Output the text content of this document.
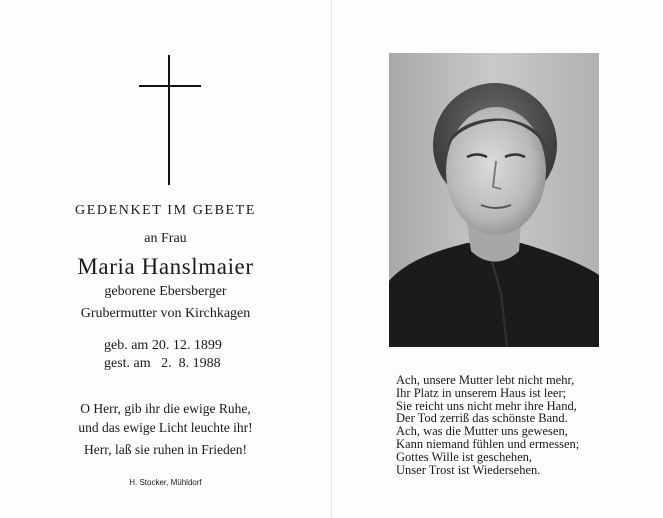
GEDENKET IM GEBETE
an Frau
Maria Hanslmaier
geborene Ebersberger
Grubermutter von Kirchkagen
geb. am 20. 12. 1899
gest. am   2.  8. 1988
O Herr, gib ihr die ewige Ruhe,
und das ewige Licht leuchte ihr!
Herr, laß sie ruhen in Frieden!
H. Stocker, Mühldorf
Ach, unsere Mutter lebt nicht mehr,
Ihr Platz in unserem Haus ist leer;
Sie reicht uns nicht mehr ihre Hand,
Der Tod zerriß das schönste Band.
Ach, was die Mutter uns gewesen,
Kann niemand fühlen und ermessen;
Gottes Wille ist geschehen,
Unser Trost ist Wiedersehen.
